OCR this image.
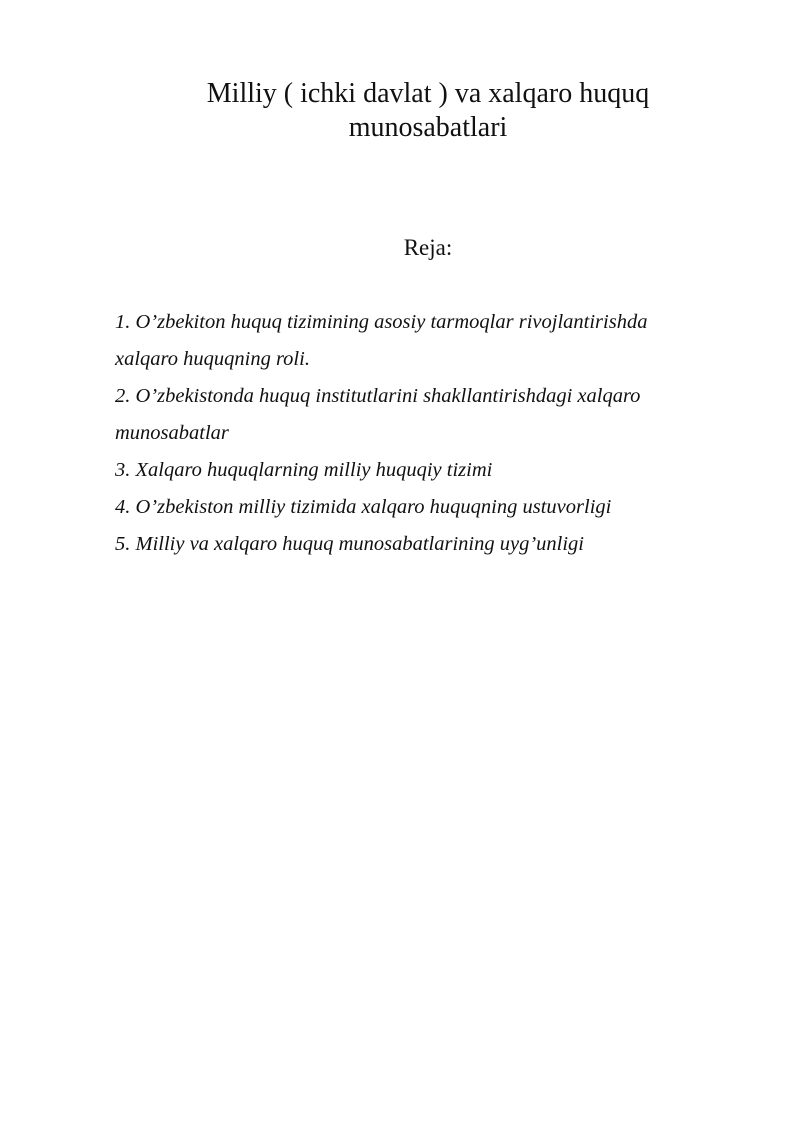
Milliy ( ichki davlat ) va xalqaro huquq
munosabatlari

Reja:

1. O’zbekiton huquq tizimining asosiy tarmoqlar rivojlantirishda xalqaro huquqning roli.
2. O’zbekistonda huquq institutlarini shakllantirishdagi xalqaro munosabatlar
3. Xalqaro huquqlarning milliy huquqiy tizimi
4. O’zbekiston milliy tizimida xalqaro huquqning ustuvorligi
5. Milliy va xalqaro huquq munosabatlarining uyg’unligi
